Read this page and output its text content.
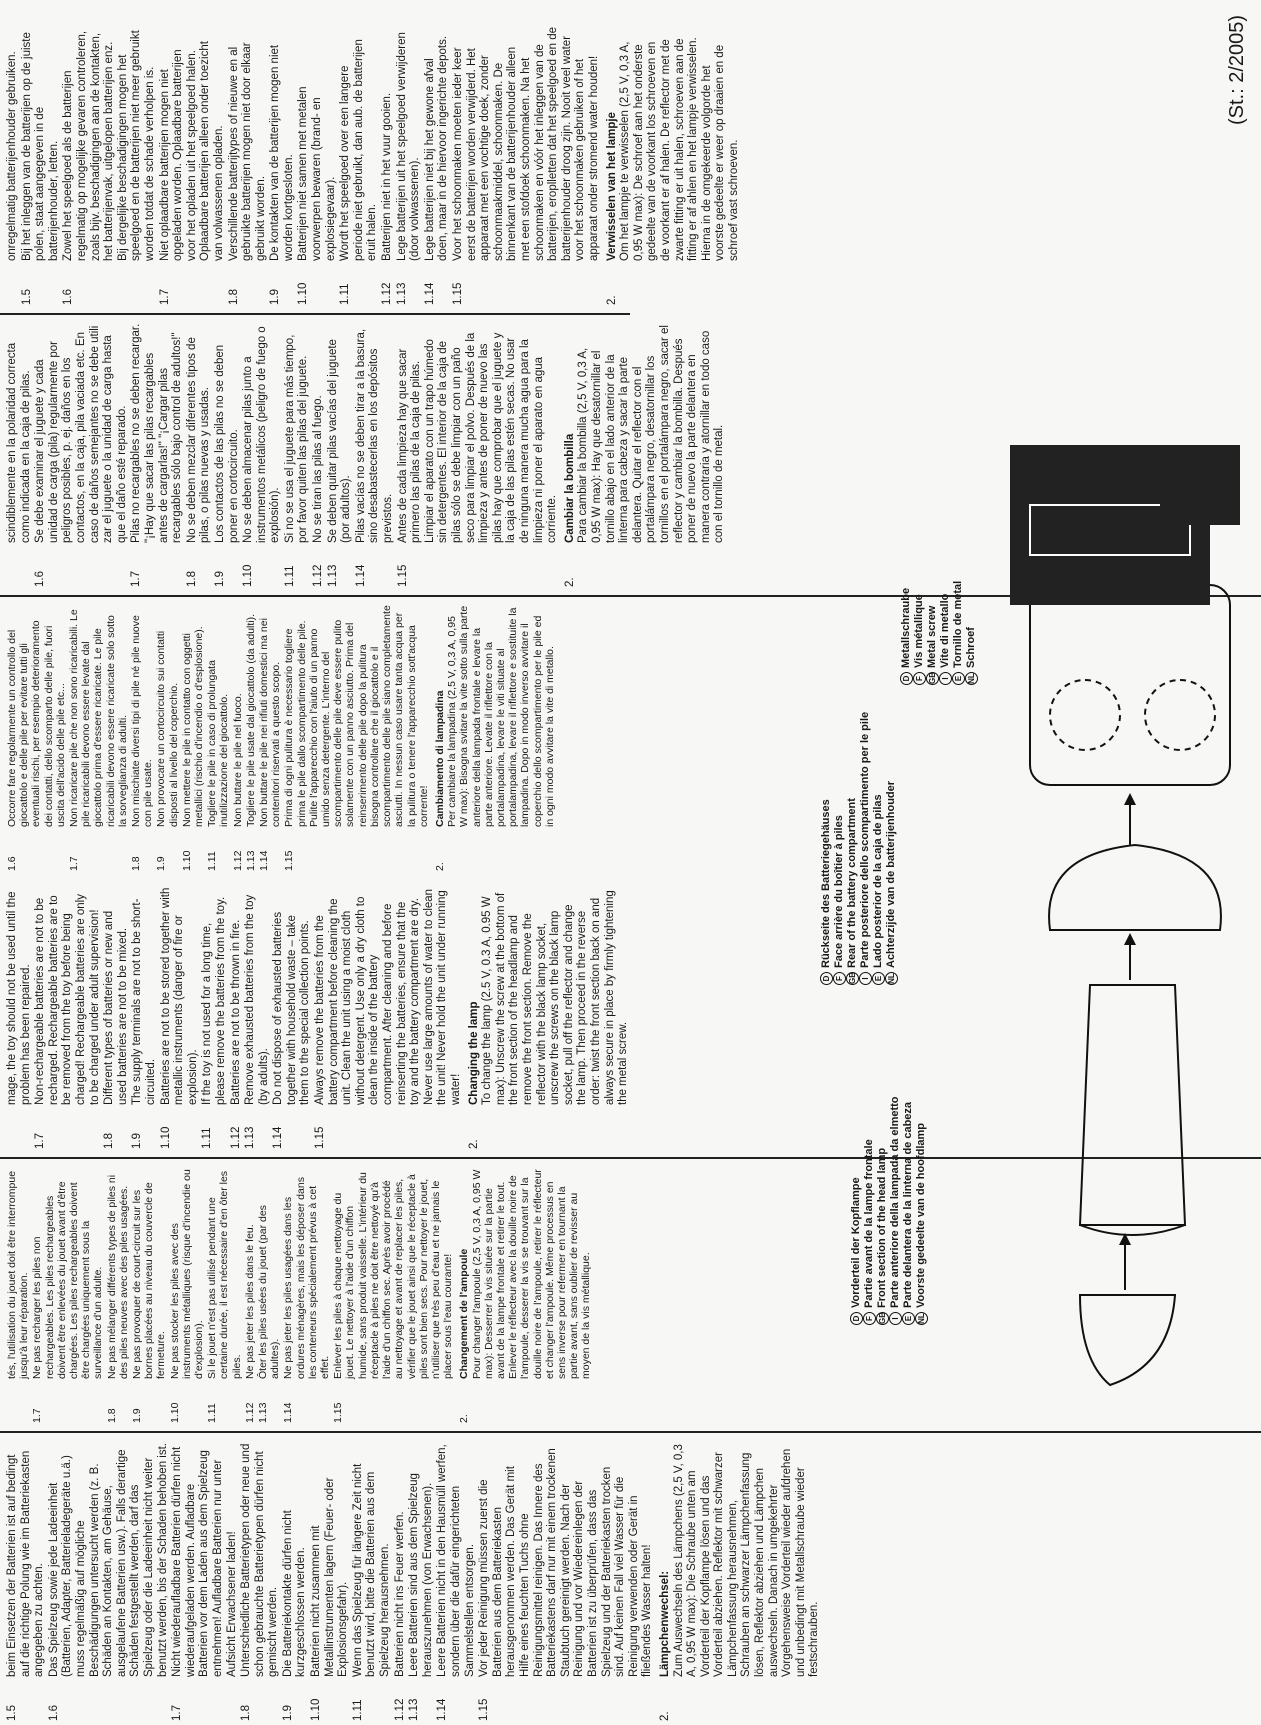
1.5
beim Einsetzen der Batterien ist auf bedingt auf die richtige Polung wie im Batteriekasten angegeben zu achten.
1.6
Das Spielzeug sowie jede Ladeeinheit (Batterien, Adapter, Batterieladegeräte u.ä.) muss regelmäßig auf mögliche Beschädigungen untersucht werden (z. B. Schäden an Kontakten, am Gehäuse, ausgelaufene Batterien usw.). Falls derartige Schäden festgestellt werden, darf das Spielzeug oder die Ladeeinheit nicht weiter benutzt werden, bis der Schaden behoben ist.
1.7
Nicht wiederaufladbare Batterien dürfen nicht wiederaufgeladen werden. Aufladbare Batterien vor dem Laden aus dem Spielzeug entnehmen! Aufladbare Batterien nur unter Aufsicht Erwachsener laden!
1.8
Unterschiedliche Batterietypen oder neue und schon gebrauchte Batterietypen dürfen nicht gemischt werden.
1.9
Die Batteriekontakte dürfen nicht kurzgeschlossen werden.
1.10
Batterien nicht zusammen mit Metallinstrumenten lagern (Feuer- oder Explosionsgefahr).
1.11
Wenn das Spielzeug für längere Zeit nicht benutzt wird, bitte die Batterien aus dem Spielzeug herausnehmen.
1.12
Batterien nicht ins Feuer werfen.
1.13
Leere Batterien sind aus dem Spielzeug herauszunehmen (von Erwachsenen).
1.14
Leere Batterien nicht in den Hausmüll werfen, sondern über die dafür eingerichteten Sammelstellen entsorgen.
1.15
Vor jeder Reinigung müssen zuerst die Batterien aus dem Batteriekasten herausgenommen werden. Das Gerät mit Hilfe eines feuchten Tuchs ohne Reinigungsmittel reinigen. Das Innere des Batteriekastens darf nur mit einem trockenen Staubtuch gereinigt werden. Nach der Reinigung und vor Wiedereinlegen der Batterien ist zu überprüfen, dass das Spielzeug und der Batteriekasten trocken sind. Auf keinen Fall viel Wasser für die Reinigung verwenden oder Gerät in fließendes Wasser halten!
2.
Lämpchenwechsel: Zum Auswechseln des Lämpchens (2,5 V, 0,3 A, 0,95 W max): Die Schraube unten am Vorderteil der Kopflampe lösen und das Vorderteil abziehen. Reflektor mit schwarzer Lämpchenfassung herausnehmen, Schrauben an schwarzer Lämpchenfassung lösen, Reflektor abziehen und Lämpchen auswechseln. Danach in umgekehrter Vorgehensweise Vorderteil wieder aufdrehen und unbedingt mit Metallschraube wieder festschrauben.
tés, l'utilisation du jouet doit être interrompue jusqu'à leur réparation.
1.7
Ne pas recharger les piles non rechargeables. Les piles rechargeables doivent être enlevées du jouet avant d'être chargées. Les piles rechargeables doivent être chargées uniquement sous la surveillance d'un adulte.
1.8
Ne pas mélanger différents types de piles ni des piles neuves avec des piles usagées.
1.9
Ne pas provoquer de court-circuit sur les bornes placées au niveau du couvercle de fermeture.
1.10
Ne pas stocker les piles avec des instruments métalliques (risque d'incendie ou d'explosion).
1.11
Si le jouet n'est pas utilisé pendant une certaine durée, il est nécessaire d'en ôter les piles.
1.12
Ne pas jeter les piles dans le feu.
1.13
Ôter les piles usées du jouet (par des adultes).
1.14
Ne pas jeter les piles usagées dans les ordures ménagères, mais les déposer dans les conteneurs spécialement prévus à cet effet.
1.15
Enlever les piles à chaque nettoyage du jouet. Le nettoyer à l'aide d'un chiffon humide, sans produit vaisselle. L'intérieur du réceptacle à piles ne doit être nettoyé qu'à l'aide d'un chiffon sec. Après avoir procédé au nettoyage et avant de replacer les piles, vérifier que le jouet ainsi que le réceptacle à piles sont bien secs. Pour nettoyer le jouet, n'utiliser que très peu d'eau et ne jamais le placer sous l'eau courante!
2.
Changement de l'ampoule
Pour changer l'ampoule (2,5 V, 0,3 A, 0,95 W max): Desserrer la vis située sur la partie avant de la lampe frontale et retirer le tout. Enlever le réflecteur avec la douille noire de l'ampoule, desserer la vis se trouvant sur la douille noire de l'ampoule, retirer le réflecteur et changer l'ampoule. Même processus en sens inverse pour refermer en tournant la partie avant, sans oublier de revisser au moyen de la vis métallique.
mage, the toy should not be used until the problem has been repaired.
1.7
Non-rechargeable batteries are not to be recharged. Rechargeable batteries are to be removed from the toy before being charged! Rechargeable batteries are only to be charged under adult supervision!
1.8
Different types of batteries or new and used batteries are not to be mixed.
1.9
The supply terminals are not to be short-circuited.
1.10
Batteries are not to be stored together with metallic instruments (danger of fire or explosion).
1.11
If the toy is not used for a long time, please remove the batteries from the toy.
1.12
Batteries are not to be thrown in fire.
1.13
Remove exhausted batteries from the toy (by adults).
1.14
Do not dispose of exhausted batteries together with household waste – take them to the special collection points.
1.15
Always remove the batteries from the battery compartment before cleaning the unit. Clean the unit using a moist cloth without detergent. Use only a dry cloth to clean the inside of the battery compartment. After cleaning and before reinserting the batteries, ensure that the toy and the battery compartment are dry. Never use large amounts of water to clean the unit! Never hold the unit under running water!
2.
Changing the lamp To change the lamp (2.5 V, 0.3 A, 0.95 W max): Unscrew the screw at the bottom of the front section of the headlamp and remove the front section. Remove the reflector with the black lamp socket, unscrew the screws on the black lamp socket, pull off the reflector and change the lamp. Then proceed in the reverse order: twist the front section back on and always secure in place by firmly tightening the metal screw.
1.6
Occorre fare regolarmente un controllo del giocattolo e delle pile per evitare tutti gli eventuali rischi, per esempio deterioramento dei contatti, dello scomparto delle pile, fuori uscita dell'acido delle pile etc...
1.7
Non ricaricare pile che non sono ricaricabili. Le pile ricaricabili devono essere levate dal giocattolo prima d'essere ricaricate. Le pile ricaricabili devono essere ricaricate solo sotto la sorveglianza di adulti.
1.8
Non mischiate diversi tipi di pile né pile nuove con pile usate.
1.9
Non provocare un cortocircuito sui contatti disposti al livello del coperchio.
1.10
Non mettere le pile in contatto con oggetti metallici (rischio d'incendio o d'esplosione).
1.11
Togliere le pile in caso di prolungata inutilizzazione del giocattolo.
1.12
Non buttare le pile nel fuoco.
1.13
Togliere le pile usate dal giocattolo (da adulti).
1.14
Non buttare le pile nei rifiuti domestici ma nei contenitori riservati a questo scopo.
1.15
Prima di ogni pulitura è necessario togliere prima le pile dallo scompartimento delle pile. Pulite l'apparecchio con l'aiuto di un panno umido senza detergente. L'interno del scompartimento delle pile deve essere pulito solamente con un panno asciutto. Prima del reinserimento delle pile dopo la pulitura bisogna controllare che il giocattolo e il scompartimento delle pile siano completamente asciutti. In nessun caso usare tanta acqua per la pulitura o tenere l'apparecchio sott'acqua corrente!
2.
Cambiamento di lampadina
Per cambiare la lampadina (2,5 V, 0,3 A, 0,95 W max): Bisogna svitare la vite sotto sulla parte anteriore della lampada frontale e levare la parte anteriore. Levate il riflettore con la portalampadina, levare le viti situate al portalampadina, levare il riflettore e sostituite la lampadina. Dopo in modo inverso avvitare il coperchio dello scompartimento per le pile ed in ogni modo avvitare la vite di metallo.
scindiblemente en la polaridad correcta como indicada en la caja de pilas.
1.6
Se debe examinar el juguete y cada unidad de carga (pila) regularmente por peligros posibles, p. ej. daños en los contactos, en la caja, pila vaciada etc. En caso de daños semejantes no se debe utili zar el juguete o la unidad de carga hasta que el daño esté reparado.
1.7
Pilas no recargables no se deben recargar. "¡Hay que sacar las pilas recargables antes de cargarlas!" "¡Cargar pilas recargables sólo bajo control de adultos!"
1.8
No se deben mezclar diferentes tipos de pilas, o pilas nuevas y usadas.
1.9
Los contactos de las pilas no se deben poner en cortocircuito.
1.10
No se deben almacenar pilas junto a instrumentos metálicos (peligro de fuego o explosión).
1.11
Si no se usa el juguete para más tiempo, por favor quiten las pilas del juguete.
1.12
No se tiran las pilas al fuego.
1.13
Se deben quitar pilas vacías del juguete (por adultos).
1.14
Pilas vacías no se deben tirar a la basura, sino desabastecerlas en los depósitos previstos.
1.15
Antes de cada limpieza hay que sacar primero las pilas de la caja de pilas. Limpiar el aparato con un trapo húmedo sin detergentes. El interior de la caja de pilas sólo se debe limpiar con un paño seco para limpiar el polvo. Después de la limpieza y antes de poner de nuevo las pilas hay que comprobar que el juguete y la caja de las pilas estén secas. No usar de ninguna manera mucha agua para la limpieza ni poner el aparato en agua corriente.
2.
Cambiar la bombilla Para cambiar la bombilla (2,5 V, 0,3 A, 0,95 W max): Hay que desatornillar el tornillo abajo en el lado anterior de la linterna para cabeza y sacar la parte delantera. Quitar el reflector con el portalámpara negro, desatornillar los tornillos en el portalámpara negro, sacar el reflector y cambiar la bombilla. Después poner de nuevo la parte delantera en manera contraria y atornillar en todo caso con el tornillo de metal.
onregelmatig batterijenhouder gebruiken.
1.5
Bij het inleggen van de batterijen op de juiste polen, staat aangegeven in de batterijenhouder, letten.
1.6
Zowel het speelgoed als de batterijen regelmatig op mogelijke gevaren controleren, zoals bijv. beschadigingen aan de kontakten, het batterijenvak, uitgelopen batterijen enz. Bij dergelijke beschadigingen mogen het speelgoed en de batterijen niet meer gebruikt worden totdat de schade verholpen is.
1.7
Niet oplaadbare batterijen mogen niet opgeladen worden. Oplaadbare batterijen voor het opladen uit het speelgoed halen. Oplaadbare batterijen alleen onder toezicht van volwassenen opladen.
1.8
Verschillende batterijtypes of nieuwe en al gebruikte batterijen mogen niet door elkaar gebruikt worden.
1.9
De kontakten van de batterijen mogen niet worden kortgesloten.
1.10
Batterijen niet samen met metalen voorwerpen bewaren (brand- en explosiegevaar).
1.11
Wordt het speelgoed over een langere periode niet gebruikt, dan aub. de batterijen eruit halen.
1.12
Batterijen niet in het vuur gooien.
1.13
Lege batterijen uit het speelgoed verwijderen (door volwassenen).
1.14
Lege batterijen niet bij het gewone afval doen, maar in de hiervoor ingerichte depots.
1.15
Voor het schoonmaken moeten ieder keer eerst de batterijen worden verwijderd. Het apparaat met een vochtige doek, zonder schoonmaakmiddel, schoonmaken. De binnenkant van de batterijenhouder alleen met een stofdoek schoonmaken. Na het schoonmaken en vóór het inleggen van de batterijen, eroplletten dat het speelgoed en de batterijenhouder droog zijn. Nooit veel water voor het schoonmaken gebruiken of het apparaat onder stromend water houden!
2.
Verwisselen van het lampje Om het lampje te verwisselen (2,5 V, 0,3 A, 0,95 W max): De schroef aan het onderste gedeelte van de voorkant los schroeven en de voorkant er af halen. De reflector met de zwarte fitting er uit halen, schroeven aan de fitting er af ahlen en het lampje verwisselen. Hierna in de omgekeerde volgorde het voorste gedeelte er weer op draaien en de schroef vast schroeven.
(St.: 2/2005)
D
Vorderteil der Kopflampe
F
Partie avant de la lampe frontale
GB
Front section of the head lamp
I
Parte anteriore della lampada da elmetto
E
Parte delantera de la linterna de cabeza
NL
Voorste gedeelte van de hoofdlamp
D
Rückseite des Batteriegehäuses
F
Face arrière du boîtier à piles
GB
Rear of the battery compartment
I
Parte posteriore dello scompartimento per le pile
E
Lado posterior de la caja de pilas
NL
Achterzijde van de batterijenhouder
D
Metallschraube
F
Vis métallique
GB
Metal screw
I
Vite di metallo
E
Tornillo de metal
NL
Schroef
